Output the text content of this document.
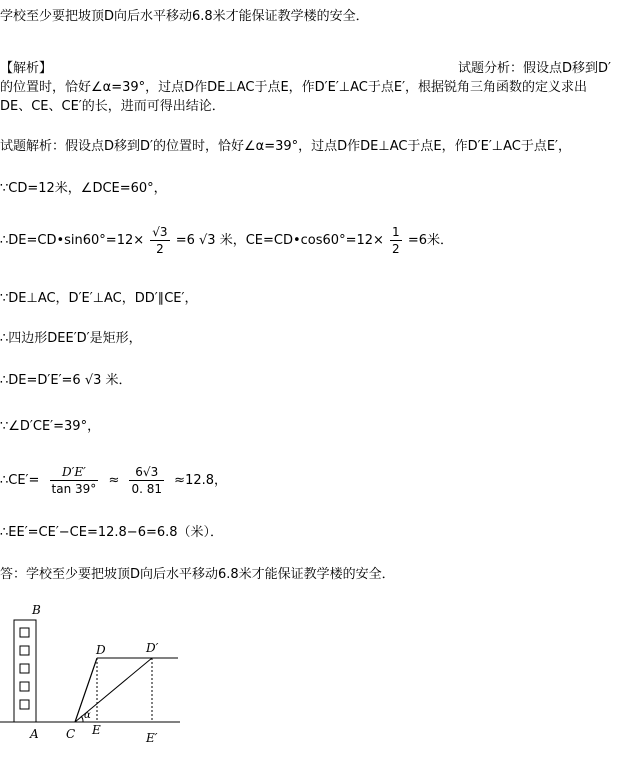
学校至少要把坡顶D向后水平移动6.8米才能保证教学楼的安全．
【解析】	试题分析：假设点D移到D′
的位置时，恰好∠α=39°，过点D作DE⊥AC于点E，作D′E′⊥AC于点E′，根据锐角三角函数的定义求出
DE、CE、CE′的长，进而可得出结论．
试题解析：假设点D移到D′的位置时，恰好∠α=39°，过点D作DE⊥AC于点E，作D′E′⊥AC于点E′，
∵CD=12米，∠DCE=60°，
∴DE=CD•sin60°=12× $\frac{√3}{2} =6$ √3 米，CE=CD•cos60°=12× $\frac{1}{2} =6$米．
∵DE⊥AC，D′E′⊥AC，DD′∥CE′，
∴四边形DEE′D′是矩形，
∴DE=D′E′=6 √3 米．
∵∠D′CE′=39°，
∴CE′= $\frac{D'E'}{\tan 39^\circ} \approx \frac{6√3}{0. 81} \approx 12.8$，
∴EE′=CE′−CE=12.8−6=6.8（米）．
答：学校至少要把坡顶D向后水平移动6.8米才能保证教学楼的安全．
B
A C E
E′
D	D′
α
